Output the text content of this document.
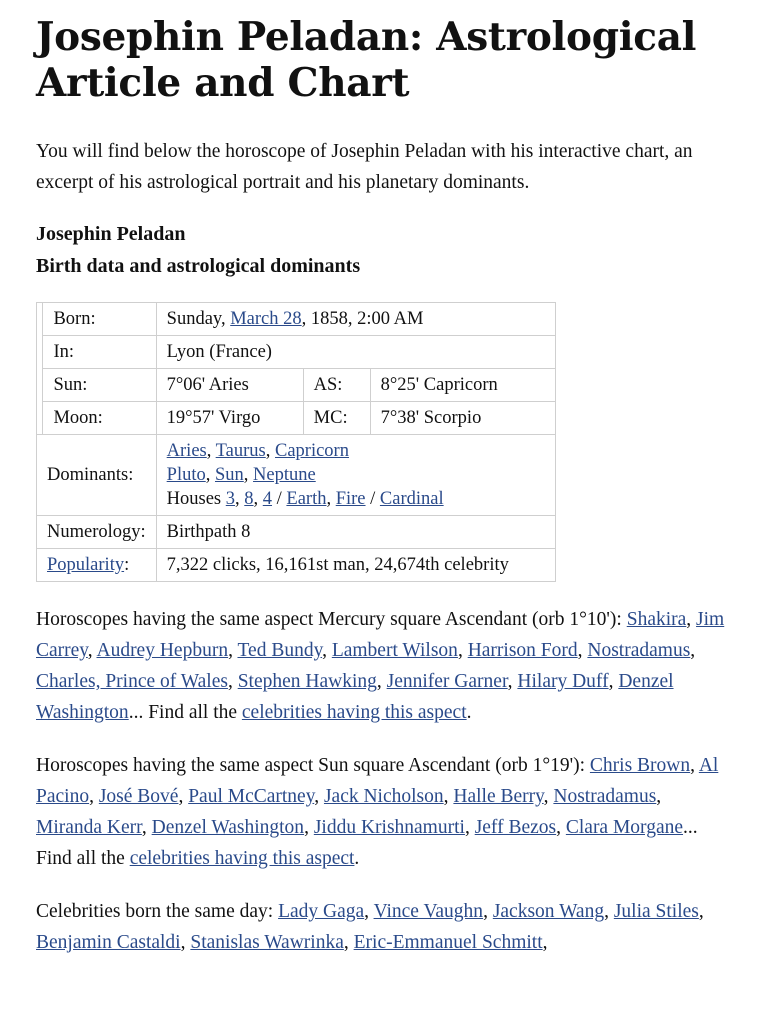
Josephin Peladan: Astrological Article and Chart

You will find below the horoscope of Josephin Peladan with his interactive chart, an excerpt of his astrological portrait and his planetary dominants.

Josephin Peladan
Birth data and astrological dominants
	Born:	Sunday, March 28, 1858, 2:00 AM		
	In:	Lyon (France)		
	Sun:	7°06' Aries	AS:	8°25' Capricorn
	Moon:	19°57' Virgo	MC:	7°38' Scorpio
Dominants:		Aries, Taurus, Capricorn
Pluto, Sun, Neptune
Houses 3, 8, 4 / Earth, Fire / Cardinal		

Numerology:		Birthpath 8		
Popularity:		7,322 clicks, 16,161st man, 24,674th celebrity		

Horoscopes having the same aspect Mercury square Ascendant (orb 1°10'): Shakira, Jim Carrey, Audrey Hepburn, Ted Bundy, Lambert Wilson, Harrison Ford, Nostradamus, Charles, Prince of Wales, Stephen Hawking, Jennifer Garner, Hilary Duff, Denzel Washington... Find all the celebrities having this aspect.

Horoscopes having the same aspect Sun square Ascendant (orb 1°19'): Chris Brown, Al Pacino, José Bové, Paul McCartney, Jack Nicholson, Halle Berry, Nostradamus, Miranda Kerr, Denzel Washington, Jiddu Krishnamurti, Jeff Bezos, Clara Morgane... Find all the celebrities having this aspect.

Celebrities born the same day: Lady Gaga, Vince Vaughn, Jackson Wang, Julia Stiles, Benjamin Castaldi, Stanislas Wawrinka, Eric-Emmanuel Schmitt,
